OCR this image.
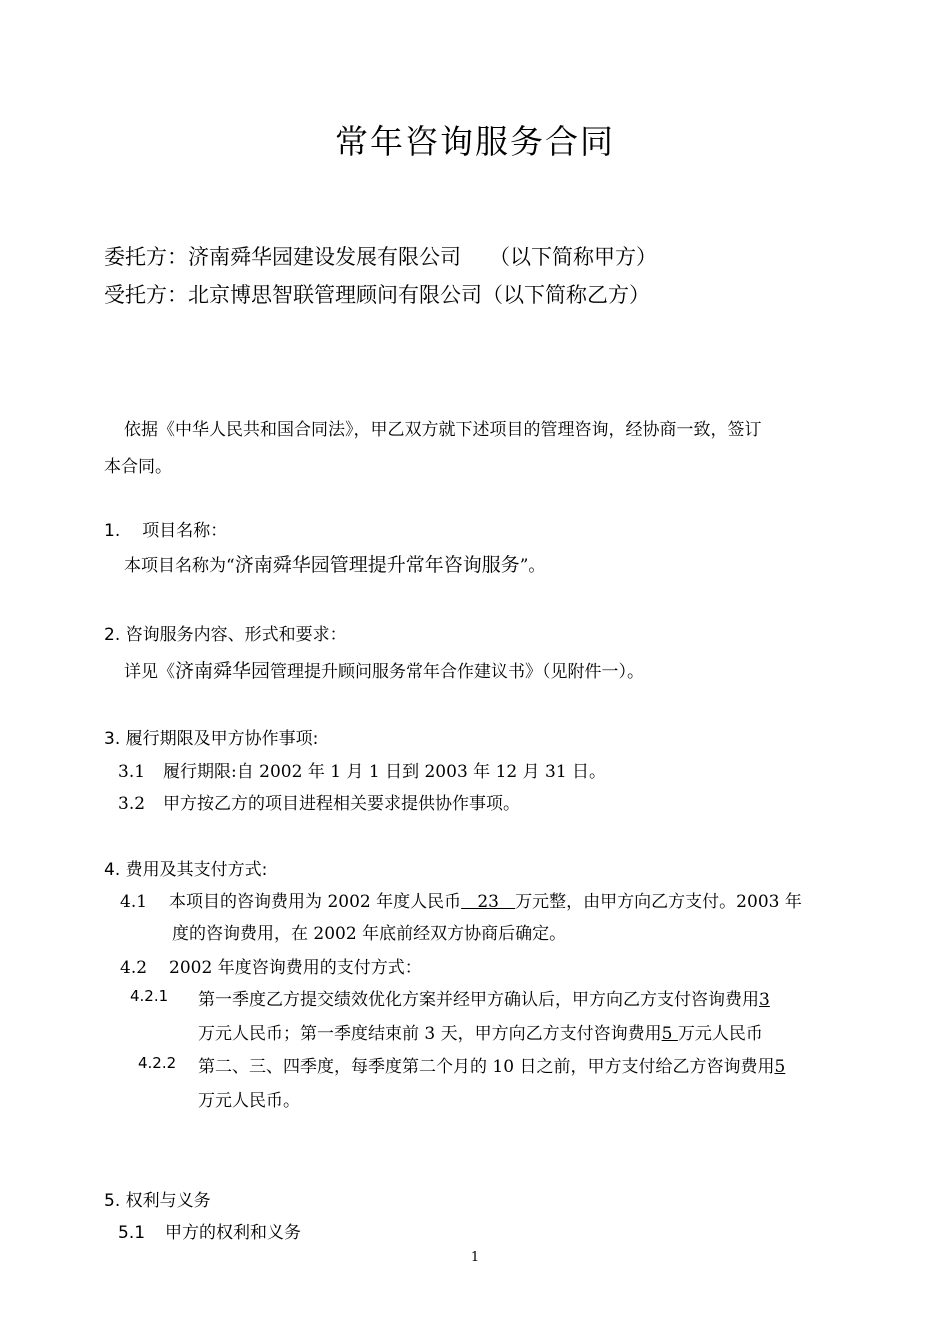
常年咨询服务合同
委托方：济南舜华园建设发展有限公司 （以下简称甲方）
受托方：北京博思智联管理顾问有限公司（以下简称乙方）
依据《中华人民共和国合同法》，甲乙双方就下述项目的管理咨询，经协商一致，签订
本合同。
1. 项目名称：
本项目名称为“济南舜华园管理提升常年咨询服务”。
2. 咨询服务内容、形式和要求：
详见《济南舜华园管理提升顾问服务常年合作建议书》（见附件一）。
3. 履行期限及甲方协作事项:
3.1 履行期限:自 2002 年 1 月 1 日到 2003 年 12 月 31 日。
3.2 甲方按乙方的项目进程相关要求提供协作事项。
4. 费用及其支付方式:
4.1 本项目的咨询费用为 2002 年度人民币   23   万元整，由甲方向乙方支付。2003 年
度的咨询费用，在 2002 年底前经双方协商后确定。
4.2 2002 年度咨询费用的支付方式：
4.2.1 第一季度乙方提交绩效优化方案并经甲方确认后，甲方向乙方支付咨询费用3
万元人民币；第一季度结束前 3 天，甲方向乙方支付咨询费用5 万元人民币
4.2.2 第二、三、四季度，每季度第二个月的 10 日之前，甲方支付给乙方咨询费用5
万元人民币。
5. 权利与义务
5.1 甲方的权利和义务
1
